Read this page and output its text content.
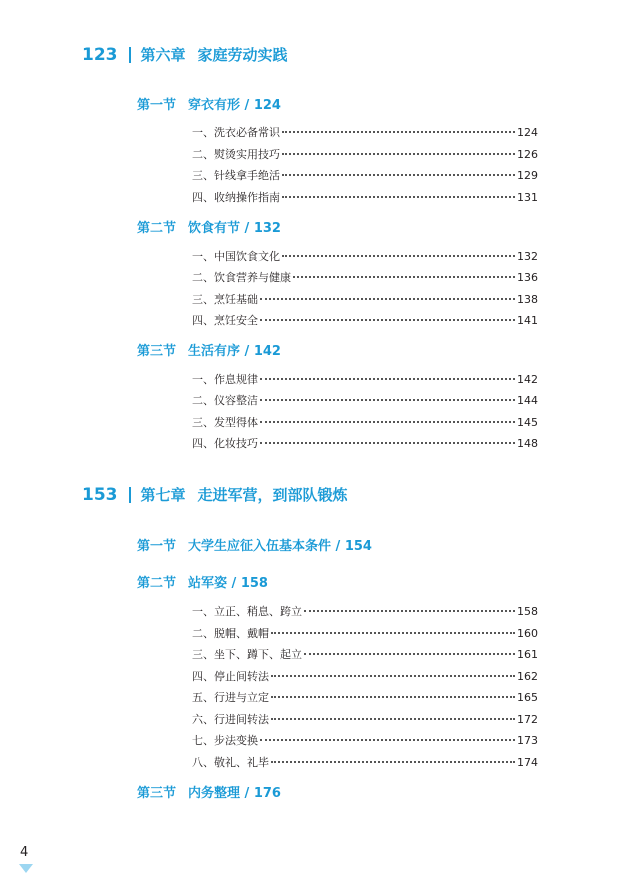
123 第六章 家庭劳动实践
第一节 穿衣有形 / 124
一、洗衣必备常识	124
二、熨烫实用技巧	126
三、针线拿手绝活	129
四、收纳操作指南	131
第二节 饮食有节 / 132
一、中国饮食文化	132
二、饮食营养与健康	136
三、烹饪基础	138
四、烹饪安全	141
第三节 生活有序 / 142
一、作息规律	142
二、仪容整洁	144
三、发型得体	145
四、化妆技巧	148
153 第七章 走进军营，到部队锻炼
第一节 大学生应征入伍基本条件 / 154
第二节 站军姿 / 158
一、立正、稍息、跨立	158
二、脱帽、戴帽	160
三、坐下、蹲下、起立	161
四、停止间转法	162
五、行进与立定	165
六、行进间转法	172
七、步法变换	173
八、敬礼、礼毕	174
第三节 内务整理 / 176
4
